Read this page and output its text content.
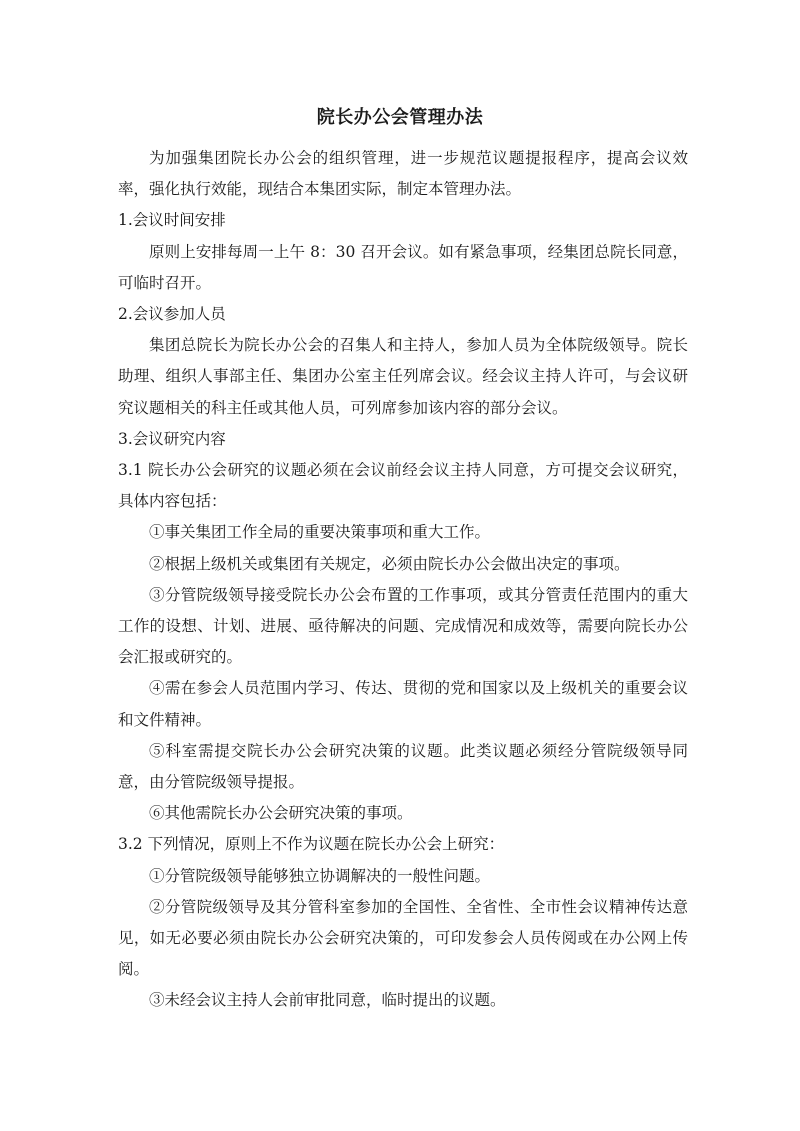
院长办公会管理办法

为加强集团院长办公会的组织管理，进一步规范议题提报程序，提高会议效率，强化执行效能，现结合本集团实际，制定本管理办法。

1.会议时间安排

原则上安排每周一上午 8：30 召开会议。如有紧急事项，经集团总院长同意，可临时召开。

2.会议参加人员

集团总院长为院长办公会的召集人和主持人，参加人员为全体院级领导。院长助理、组织人事部主任、集团办公室主任列席会议。经会议主持人许可，与会议研究议题相关的科主任或其他人员，可列席参加该内容的部分会议。

3.会议研究内容

3.1 院长办公会研究的议题必须在会议前经会议主持人同意，方可提交会议研究，具体内容包括：

①事关集团工作全局的重要决策事项和重大工作。

②根据上级机关或集团有关规定，必须由院长办公会做出决定的事项。

③分管院级领导接受院长办公会布置的工作事项，或其分管责任范围内的重大工作的设想、计划、进展、亟待解决的问题、完成情况和成效等，需要向院长办公会汇报或研究的。

④需在参会人员范围内学习、传达、贯彻的党和国家以及上级机关的重要会议和文件精神。

⑤科室需提交院长办公会研究决策的议题。此类议题必须经分管院级领导同意，由分管院级领导提报。

⑥其他需院长办公会研究决策的事项。

3.2 下列情况，原则上不作为议题在院长办公会上研究：

①分管院级领导能够独立协调解决的一般性问题。

②分管院级领导及其分管科室参加的全国性、全省性、全市性会议精神传达意见，如无必要必须由院长办公会研究决策的，可印发参会人员传阅或在办公网上传阅。

③未经会议主持人会前审批同意，临时提出的议题。
